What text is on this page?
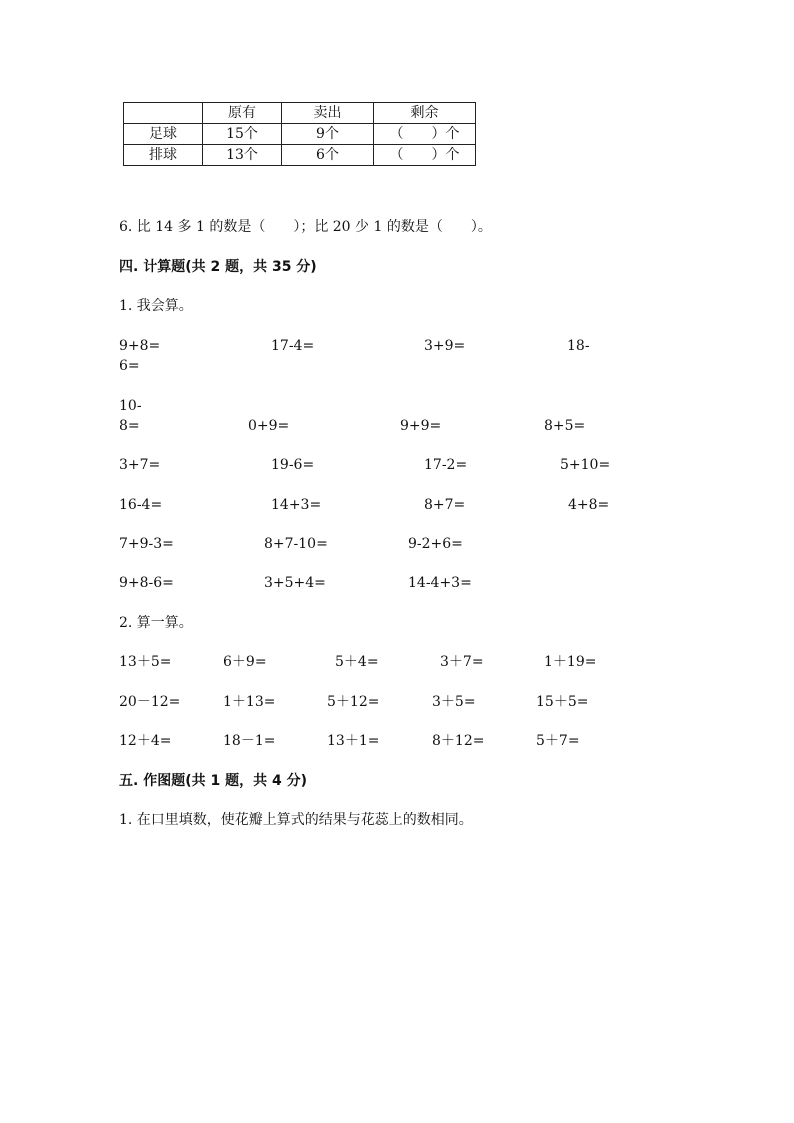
	原有	卖出	剩余
足球	15个	9个	（　　）个
排球	13个	6个	（　　）个
6. 比 14 多 1 的数是（　　）；比 20 少 1 的数是（　　）。
四. 计算题(共 2 题，共 35 分)
1. 我会算。
9+8=	17-4=	3+9=	18-
6=
10-
8=	0+9=	9+9=	8+5=
3+7=	19-6=	17-2=	5+10=
16-4=	14+3=	8+7=	4+8=
7+9-3=	8+7-10=	9-2+6=
9+8-6=	3+5+4=	14-4+3=
2. 算一算。
13＋5=	6＋9=	5＋4=	3＋7=	1＋19=
20－12=	1＋13=	5＋12=	3＋5=	15＋5=
12＋4=	18－1=	13＋1=	8＋12=	5＋7=
五. 作图题(共 1 题，共 4 分)
1. 在口里填数，使花瓣上算式的结果与花蕊上的数相同。
